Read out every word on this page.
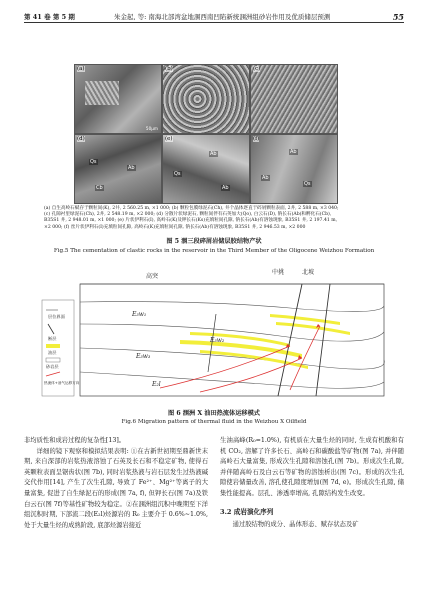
第 41 卷 第 5 期	朱金起, 等: 南海北部湾盆地涠西南凹陷新统涠洲组砂岩作用及优质储层预测	55
(a)
50μm
(b)	(c)
(d)
Qs
Ab
Cb
(e)
Ab
Qs
Ab
(f)
Ab
Ab
Qs
(a) 自生高岭石赋存于颗粒间(K), 2井, 2 560.25 m, ×1 000; (b) 颗粒包膜绿泥石(Ch), 井个晶体逐直于碎屑颗粒表面, 2井, 2 588 m, ×3 040;
(c) 孔隙衬里绿泥石(Ch), 2井, 2 548.19 m, ×2 000; (d) 分散片状绿泥石, 颗粒间伴有石英加大(Qo), 白云石(D), 钠长石(Ab)和孵化石(Cb),
B35S1 井, 2 948.01 m, ×1 000; (e) 片状伊利石(I), 高岭石(K)及钾长石(Ks)充填粒间孔隙, 钠长石(Ab)有溶蚀现象, B35S1 井, 2 197.41 m,
×2 000; (f) 丝片状伊利石(I)充填粒间孔隙, 高岭石(K)充填粒间孔隙, 钠长石(Ab)有溶蚀现象, B35S1 井, 2 946.53 m, ×2 000
图 5 涠三段碎屑岩储层胶结物产状
Fig.5 The cementation of clastic rocks in the reservoir in the Third Member of the Oligocene Weizhou Formation
高突
中挑	北坡
E₃w₁
E₃w₂
E₃w₃
E₂l
层位界面
断层
油层
砂岩层
热流体+油气运移方向
图 6 涠洲 X 油田热流体运移模式
Fig.6 Migration pattern of thermal fluid in the Weizhou X Oilfield

非均质性和成岩过程的复杂性[13]。

详细的镜下观察和模拟结果表明: ①在古新世初期至鼎新世末期, 来自深部的岩浆热液溶蚀了石英及长石和不稳定矿物, 使得石英颗粒表面呈锯齿状(图 7b), 同时岩浆热液与岩石层发生过热液碱交代作用[14], 产生了次生孔隙, 导致了 Fe²⁺、Mg²⁺等离子的大量富集, 促进了自生绿泥石的形成(图 7a, f), 但钾长石(图 7a)及铁白云石(图 7f)等基性矿物较为稳定。②在涠洲组沉积中晚期至下洋组沉积时期, 下部流二段(E₂l)烃源岩的 R₀ 主要介于 0.6%~1.0%, 处于大量生烃的成熟阶段, 底部烃源岩接近

生油高峰(R₀=1.0%), 有机质在大量生烃的同时, 生成有机酸和有机 CO₂, 溶解了许多长石、高岭石和碳酸盐等矿物(图 7a), 并伴随高岭石大量富集, 形成次生孔隙和溶蚀孔(图 7b)。形成次生孔隙, 并伴随高岭石及白云石等矿物的溶蚀析出(图 7c)。形成的次生孔隙使岩储量改善, 溶孔使孔隙度增加(图 7d, e)。形成次生孔隙, 储集性能提高。层孔、渗透率增高, 孔隙结构发生改变。

3.2 成岩演化序列

通过胶结物的成分、晶体形态、赋存状态及矿
